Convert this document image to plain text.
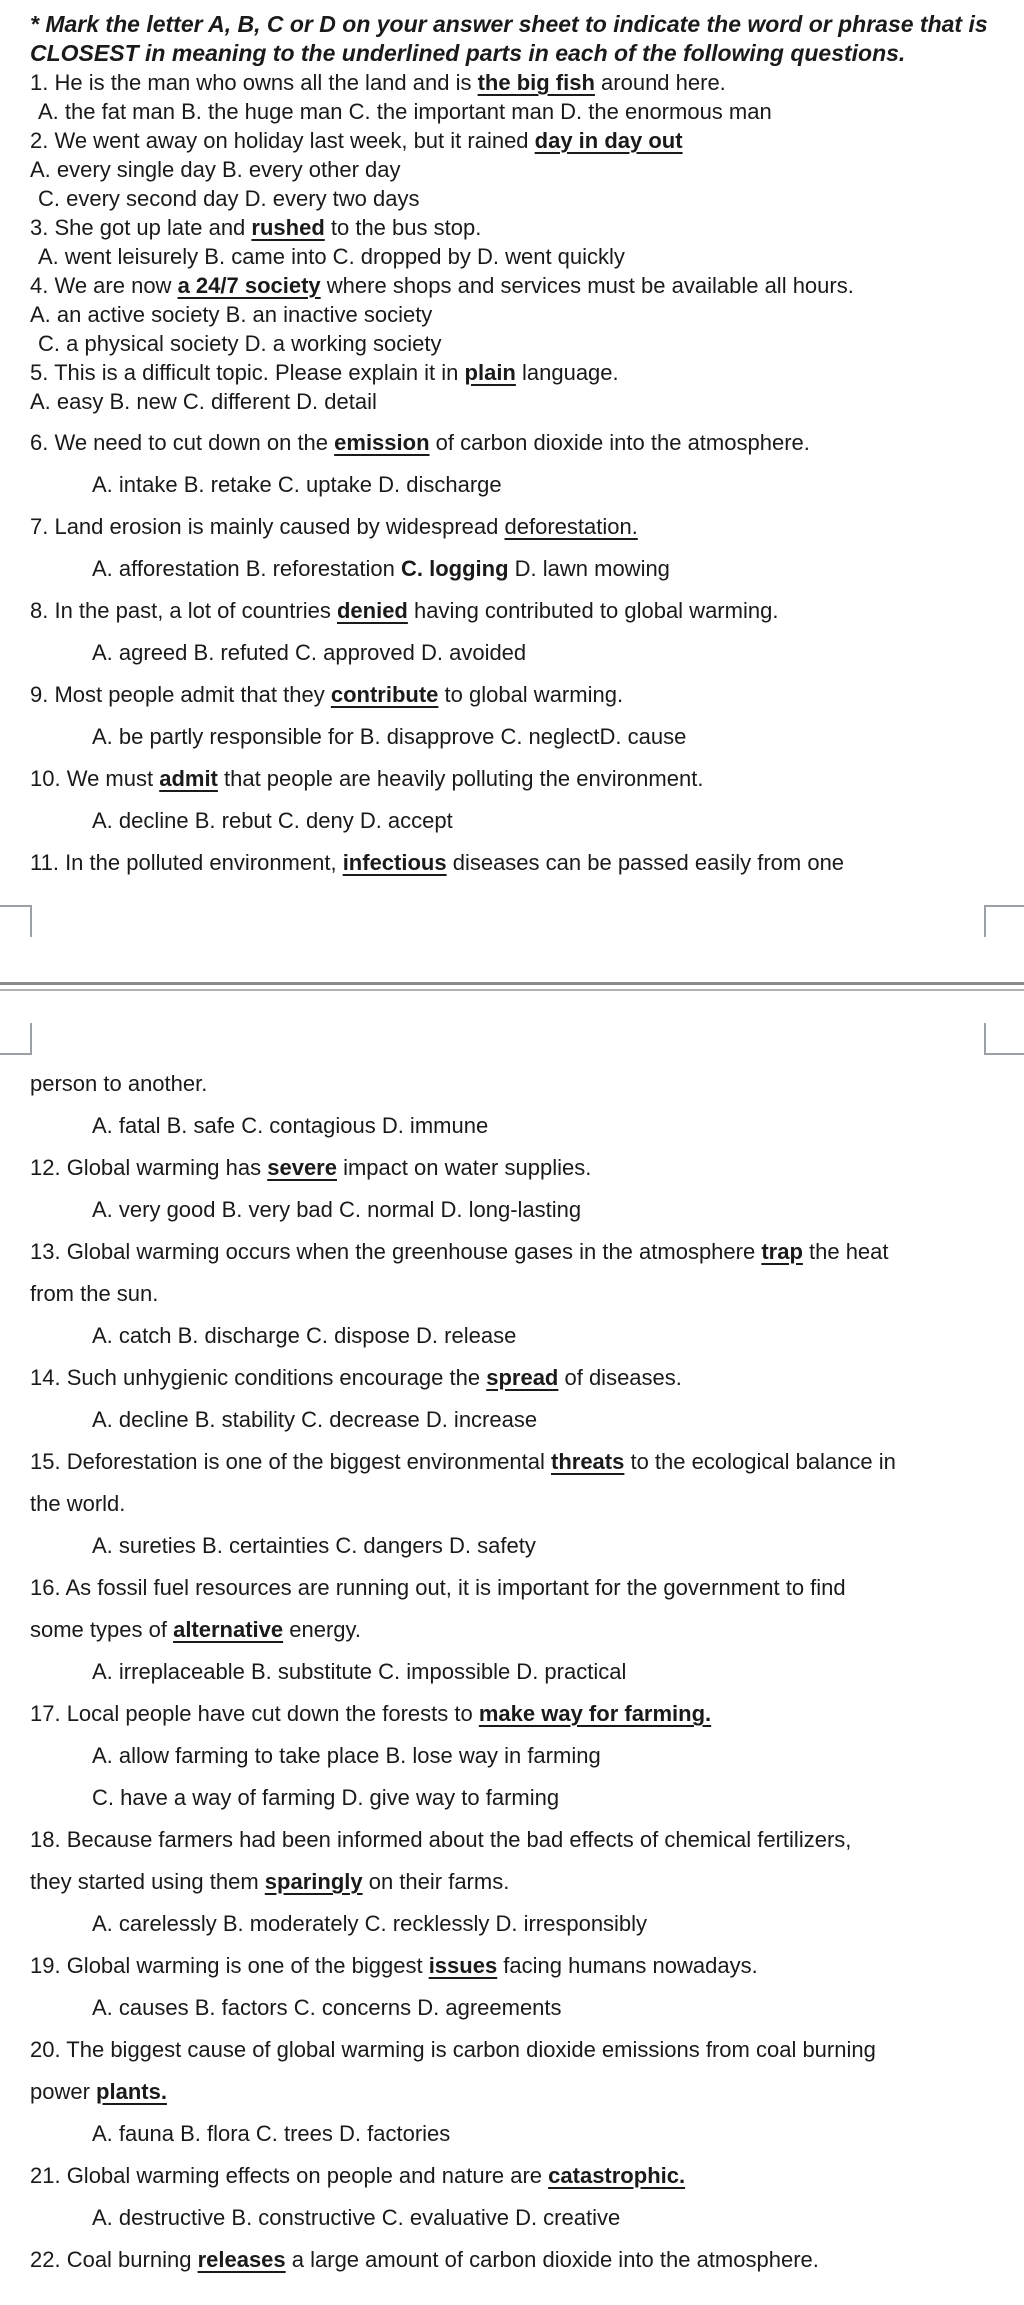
* Mark the letter A, B, C or D on your answer sheet to indicate the word or phrase that is
CLOSEST in meaning to the underlined parts in each of the following questions.
1. He is the man who owns all the land and is the big fish around here.
A. the fat man B. the huge man C. the important man D. the enormous man
2. We went away on holiday last week, but it rained day in day out
A. every single day B. every other day
C. every second day D. every two days
3. She got up late and rushed to the bus stop.
A. went leisurely B. came into C. dropped by D. went quickly
4. We are now a 24/7 society where shops and services must be available all hours.
A. an active society B. an inactive society
C. a physical society D. a working society
5. This is a difficult topic. Please explain it in plain language.
A. easy B. new C. different D. detail
6. We need to cut down on the emission of carbon dioxide into the atmosphere.
A. intake B. retake C. uptake D. discharge
7. Land erosion is mainly caused by widespread deforestation.
A. afforestation B. reforestation C. logging D. lawn mowing
8. In the past, a lot of countries denied having contributed to global warming.
A. agreed B. refuted C. approved D. avoided
9. Most people admit that they contribute to global warming.
A. be partly responsible for B. disapprove C. neglectD. cause
10. We must admit that people are heavily polluting the environment.
A. decline B. rebut C. deny D. accept
11. In the polluted environment, infectious diseases can be passed easily from one
person to another.
A. fatal B. safe C. contagious D. immune
12. Global warming has severe impact on water supplies.
A. very good B. very bad C. normal D. long-lasting
13. Global warming occurs when the greenhouse gases in the atmosphere trap the heat
from the sun.
A. catch B. discharge C. dispose D. release
14. Such unhygienic conditions encourage the spread of diseases.
A. decline B. stability C. decrease D. increase
15. Deforestation is one of the biggest environmental threats to the ecological balance in
the world.
A. sureties B. certainties C. dangers D. safety
16. As fossil fuel resources are running out, it is important for the government to find
some types of alternative energy.
A. irreplaceable B. substitute C. impossible D. practical
17. Local people have cut down the forests to make way for farming.
A. allow farming to take place B. lose way in farming
C. have a way of farming D. give way to farming
18. Because farmers had been informed about the bad effects of chemical fertilizers,
they started using them sparingly on their farms.
A. carelessly B. moderately C. recklessly D. irresponsibly
19. Global warming is one of the biggest issues facing humans nowadays.
A. causes B. factors C. concerns D. agreements
20. The biggest cause of global warming is carbon dioxide emissions from coal burning
power plants.
A. fauna B. flora C. trees D. factories
21. Global warming effects on people and nature are catastrophic.
A. destructive B. constructive C. evaluative D. creative
22. Coal burning releases a large amount of carbon dioxide into the atmosphere.
